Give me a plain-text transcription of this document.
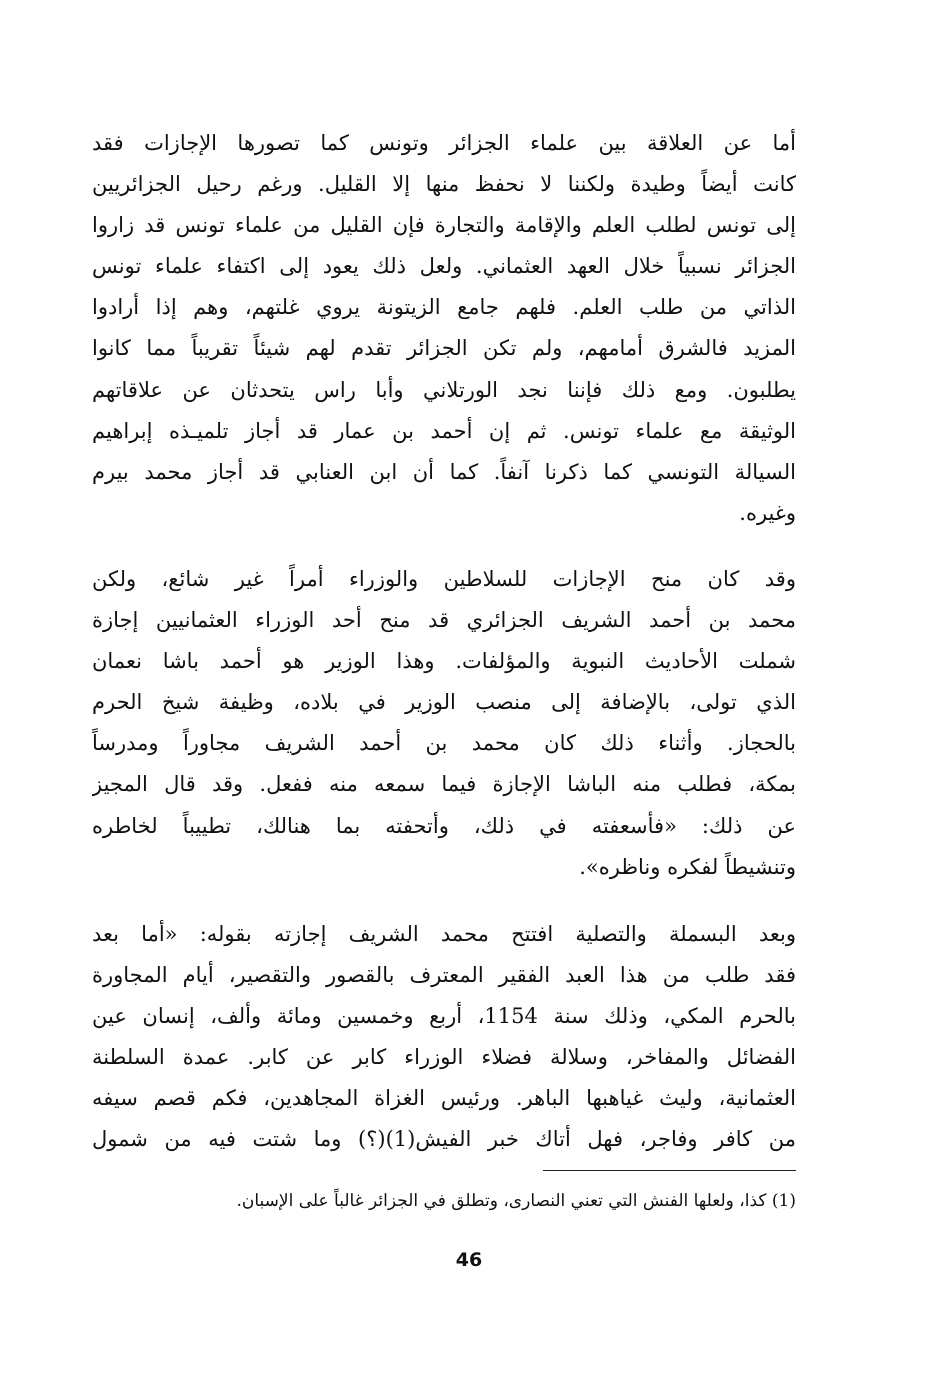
أما عن العلاقة بين علماء الجزائر وتونس كما تصورها الإجازات فقد
كانت أيضاً وطيدة ولكننا لا نحفظ منها إلا القليل. ورغم رحيل الجزائريين
إلى تونس لطلب العلم والإقامة والتجارة فإن القليل من علماء تونس قد زاروا
الجزائر نسبياً خلال العهد العثماني. ولعل ذلك يعود إلى اكتفاء علماء تونس
الذاتي من طلب العلم. فلهم جامع الزيتونة يروي غلتهم، وهم إذا أرادوا
المزيد فالشرق أمامهم، ولم تكن الجزائر تقدم لهم شيئاً تقريباً مما كانوا
يطلبون. ومع ذلك فإننا نجد الورتلاني وأبا راس يتحدثان عن علاقاتهم
الوثيقة مع علماء تونس. ثم إن أحمد بن عمار قد أجاز تلميـذه إبراهيم
السيالة التونسي كما ذكرنا آنفاً. كما أن ابن العنابي قد أجاز محمد بيرم
وغيره.
وقد كان منح الإجازات للسلاطين والوزراء أمراً غير شائع، ولكن
محمد بن أحمد الشريف الجزائري قد منح أحد الوزراء العثمانيين إجازة
شملت الأحاديث النبوية والمؤلفات. وهذا الوزير هو أحمد باشا نعمان
الذي تولى، بالإضافة إلى منصب الوزير في بلاده، وظيفة شيخ الحرم
بالحجاز. وأثناء ذلك كان محمد بن أحمد الشريف مجاوراً ومدرساً
بمكة، فطلب منه الباشا الإجازة فيما سمعه منه ففعل. وقد قال المجيز
عن ذلك: «فأسعفته في ذلك، وأتحفته بما هنالك، تطييباً لخاطره
وتنشيطاً لفكره وناظره».
وبعد البسملة والتصلية افتتح محمد الشريف إجازته بقوله: «أما بعد
فقد طلب من هذا العبد الفقير المعترف بالقصور والتقصير، أيام المجاورة
بالحرم المكي، وذلك سنة 1154، أربع وخمسين ومائة وألف، إنسان عين
الفضائل والمفاخر، وسلالة فضلاء الوزراء كابر عن كابر. عمدة السلطنة
العثمانية، وليث غياهبها الباهر. ورئيس الغزاة المجاهدين، فكم قصم سيفه
من كافر وفاجر، فهل أتاك خبر الفيش(1)(؟) وما شتت فيه من شمول
(1) كذا، ولعلها الفنش التي تعني النصارى، وتطلق في الجزائر غالباً على الإسبان.
46
